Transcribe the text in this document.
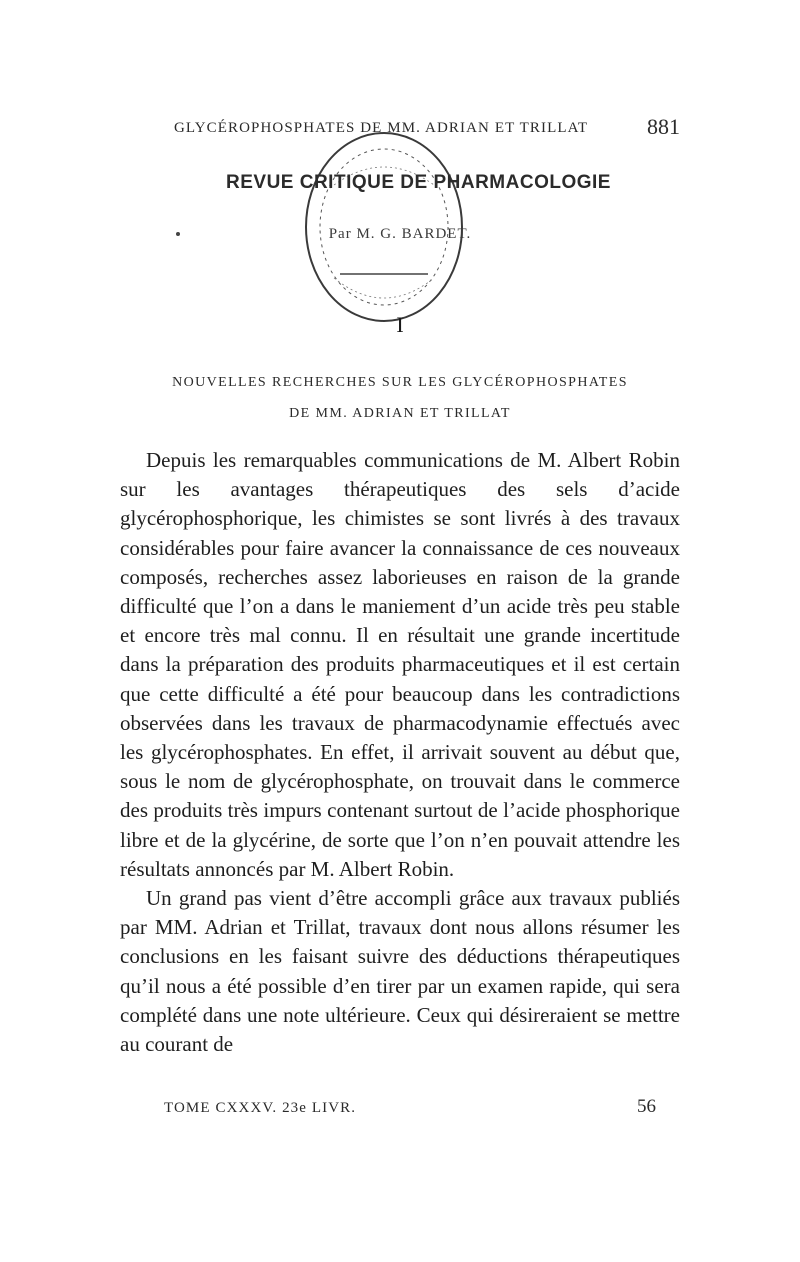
GLYCÉROPHOSPHATES DE MM. ADRIAN ET TRILLAT	881
REVUE CRITIQUE DE PHARMACOLOGIE
Par M. G. BARDET.
I
NOUVELLES RECHERCHES SUR LES GLYCÉROPHOSPHATES
DE MM. ADRIAN ET TRILLAT

Depuis les remarquables communications de M. Albert Robin sur les avantages thérapeutiques des sels d’acide glycérophosphorique, les chimistes se sont livrés à des travaux considérables pour faire avancer la connaissance de ces nouveaux composés, recherches assez laborieuses en raison de la grande difficulté que l’on a dans le maniement d’un acide très peu stable et encore très mal connu. Il en résultait une grande incertitude dans la préparation des produits pharmaceutiques et il est certain que cette difficulté a été pour beaucoup dans les contradictions observées dans les travaux de pharmacodynamie effectués avec les glycérophosphates. En effet, il arrivait souvent au début que, sous le nom de glycérophosphate, on trouvait dans le commerce des produits très impurs contenant surtout de l’acide phosphorique libre et de la glycérine, de sorte que l’on n’en pouvait attendre les résultats annoncés par M. Albert Robin.

Un grand pas vient d’être accompli grâce aux travaux publiés par MM. Adrian et Trillat, travaux dont nous allons résumer les conclusions en les faisant suivre des déductions thérapeutiques qu’il nous a été possible d’en tirer par un examen rapide, qui sera complété dans une note ultérieure. Ceux qui désireraient se mettre au courant de

TOME CXXXV. 23e LIVR.	56
